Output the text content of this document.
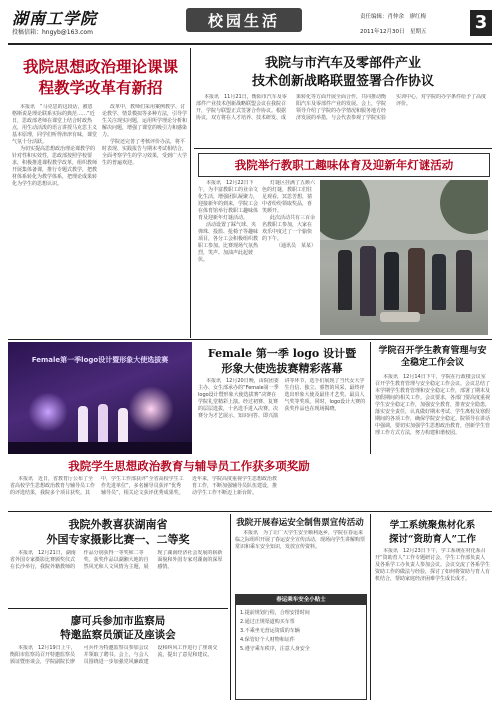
湖南工学院
投稿信箱：hngyb@163.com
校园生活	责任编辑：肖仲余　廖红梅
2011年12月30日　星期五	3
我院思想政治理论课课程教学改革有新招

本报讯　“马克思的这段话，被恩格斯说是理论联系实际的典范……”近日，思政部老师在课堂上结合时政热点，用生动活泼的语言讲授马克思主义基本原理，同学们听得津津有味，课堂气氛十分活跃。

为切实提高思想政治理论课教学的针对性和实效性，思政部按照学校要求，积极推进课程教学改革，组织教师开展集体备课，推行专题式教学，把教材体系转化为教学体系，把理论成果转化为学生的思想认识。

改革中，教师们采用案例教学、讨论教学、情景模拟等多种方法，引导学生关注现实问题，运用所学理论分析和解决问题，增强了课堂的吸引力和感染力。

学院还完善了考核评价办法，将平时表现、实践报告与期末考试相结合，全面考察学生的学习效果，受到广大学生的普遍欢迎。

我院与市汽车及零部件产业
技术创新战略联盟签署合作协议

本报讯　11月21日，衡阳市汽车及零部件产业技术创新战略联盟会议在我院召开，学院与联盟正式签署合作协议。根据协议，双方将在人才培养、技术研发、成果转化等方面开展全面合作，共同推动衡阳汽车及零部件产业的发展。会上，学院领导介绍了学院的办学情况和服务地方经济发展的举措，与会代表参观了学院实验实训中心，对学院的办学条件给予了高度评价。

我院举行教职工趣味体育及迎新年灯谜活动

本报讯　12月22日下午，为丰富教职工的业余文化生活，增强团队凝聚力，迎接新年的到来，学院工会在体育馆举行教职工趣味体育及迎新年灯谜活动。

活动设置了踩气球、夹弹珠、投篮、抢椅子等趣味项目，各分工会积极组织教职工参加。比赛现场气氛热烈，笑声、加油声此起彼伏。

灯谜区挂满了五颜六色的灯谜，教职工们驻足观看，冥思苦想，猜中者纷纷领取奖品，喜笑颜开。

此次活动共有三百余名教职工参加，大家在欢乐中度过了一个愉快的下午。

（通讯员　某某）

Female第一季logo设计暨形象大使选拔赛	Female 第一季 logo 设计暨
形象大使选拔赛精彩落幕

本报讯　12月20日晚，由院团委主办、女生部承办的“Female第一季logo设计暨形象大使选拔赛”决赛在学院礼堂精彩上演。经过初赛、复赛的层层选拔，十名选手进入决赛。决赛分为才艺展示、知识问答、即兴演讲等环节，选手们展现了当代女大学生自信、独立、睿智的风采，最终评选出形象大使及最佳才艺奖、最具人气奖等奖项。同时，logo设计大赛的获奖作品也在现场揭晓。

学院召开学生教育管理与安全稳定工作会议

本报讯　12月14日下午，学院在行政楼会议室召开学生教育管理与安全稳定工作会议。会议总结了本学期学生教育管理和安全稳定工作，部署了期末及寒假期间的相关工作。会议要求，各部门要高度重视学生安全稳定工作，加强安全教育，排查安全隐患，落实安全责任，认真做好期末考试、学生离校及寒假期间的各项工作，确保学院安全稳定。院领导在讲话中强调，要切实加强学生思想政治教育，创新学生管理工作方式方法，努力构建和谐校园。

我院学生思想政治教育与辅导员工作获多项奖励

本报讯　近日，省教育厅公布了全省高校学生思想政治教育与辅导员工作的评选结果，我院多个项目获奖。其中，学生工作部获评“全省高校学生工作先进单位”，多名辅导员获评“优秀辅导员”，相关论文获评优秀成果奖。近年来，学院高度重视学生思想政治教育工作，不断加强辅导员队伍建设，推动学生工作不断迈上新台阶。

我院外教喜获湖南省
外国专家摄影比赛一、二等奖

本报讯　12月21日，湖南省外国专家摄影比赛颁奖仪式在长沙举行，我院外籍教师的作品分别获得一等奖和二等奖。获奖作品以湖湘大地的自然风光和人文风情为主题，展现了湖南经济社会发展的崭新面貌和外国专家对湖南的深厚感情。

廖可兵参加市监察局
特邀监察员颁证及座谈会

本报讯　12月19日上午，衡阳市监察局召开特邀监察员颁证暨座谈会，学院副院长廖可兵作为特邀监察员参加会议并领取了聘书。会上，与会人员围绕进一步加强党风廉政建设和纠风工作进行了座谈交流，提出了意见和建议。

我院开展春运安全制售票宣传活动

本报讯　为了让广大学生安全顺利返乡，学院在春运来临之际组织开展了春运安全宣传活动，现场向学生讲解购票常识和乘车安全知识，发放宣传资料。

春运乘车安全小贴士
1.提前规划行程，合理安排时间
2.通过正规渠道购买车票
3.不乘坐无营运资质的车辆
4.保管好个人财物和证件
5.遵守乘车秩序，注意人身安全
学工系统聚焦材化系
探讨“资助育人”工作

本报讯　12月23日下午，学工系统在材化系召开“资助育人”工作专题研讨会，学生工作部负责人及各系学工办负责人参加会议。会议交流了各系学生资助工作的做法与经验，探讨了如何将资助与育人有机结合，帮助家庭经济困难学生成长成才。
